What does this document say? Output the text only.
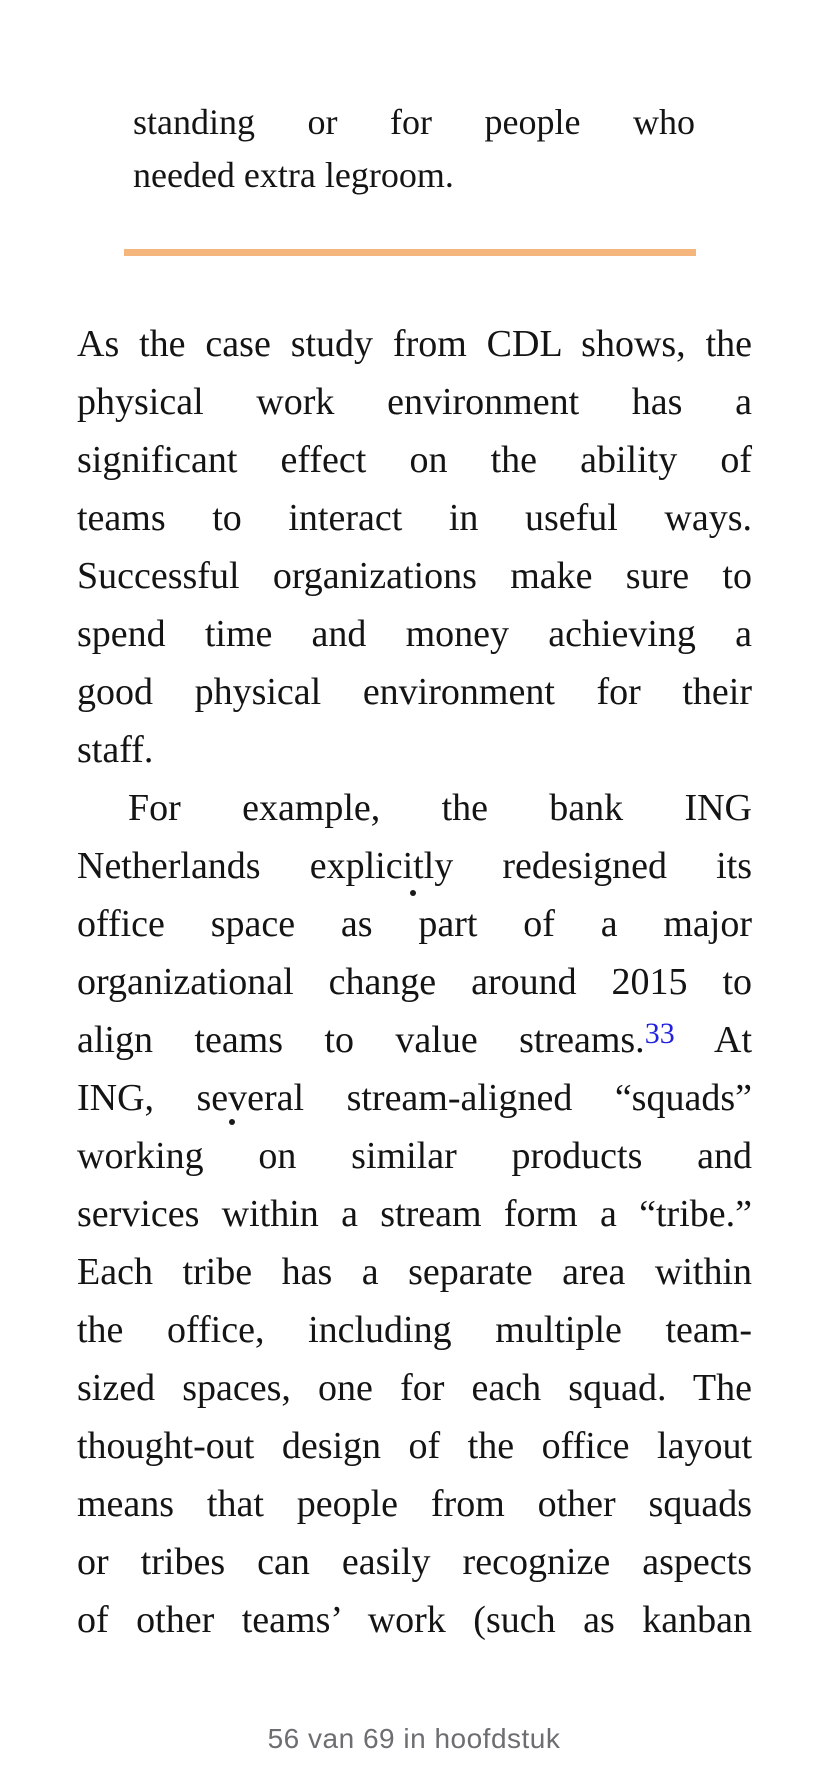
standing or for people who
needed extra legroom.
As the case study from CDL shows, the
physical work environment has a
significant effect on the ability of
teams to interact in useful ways.
Successful organizations make sure to
spend time and money achieving a
good physical environment for their
staff.
For example, the bank ING
Netherlands explicitly redesigned its
office space as part of a major
organizational change around 2015 to
align teams to value streams.$^{33}$ At
ING, several stream-aligned “squads”
working on similar products and
services within a stream form a “tribe.”
Each tribe has a separate area within
the office, including multiple team-
sized spaces, one for each squad. The
thought-out design of the office layout
means that people from other squads
or tribes can easily recognize aspects
of other teams’ work (such as kanban
56 van 69 in hoofdstuk
